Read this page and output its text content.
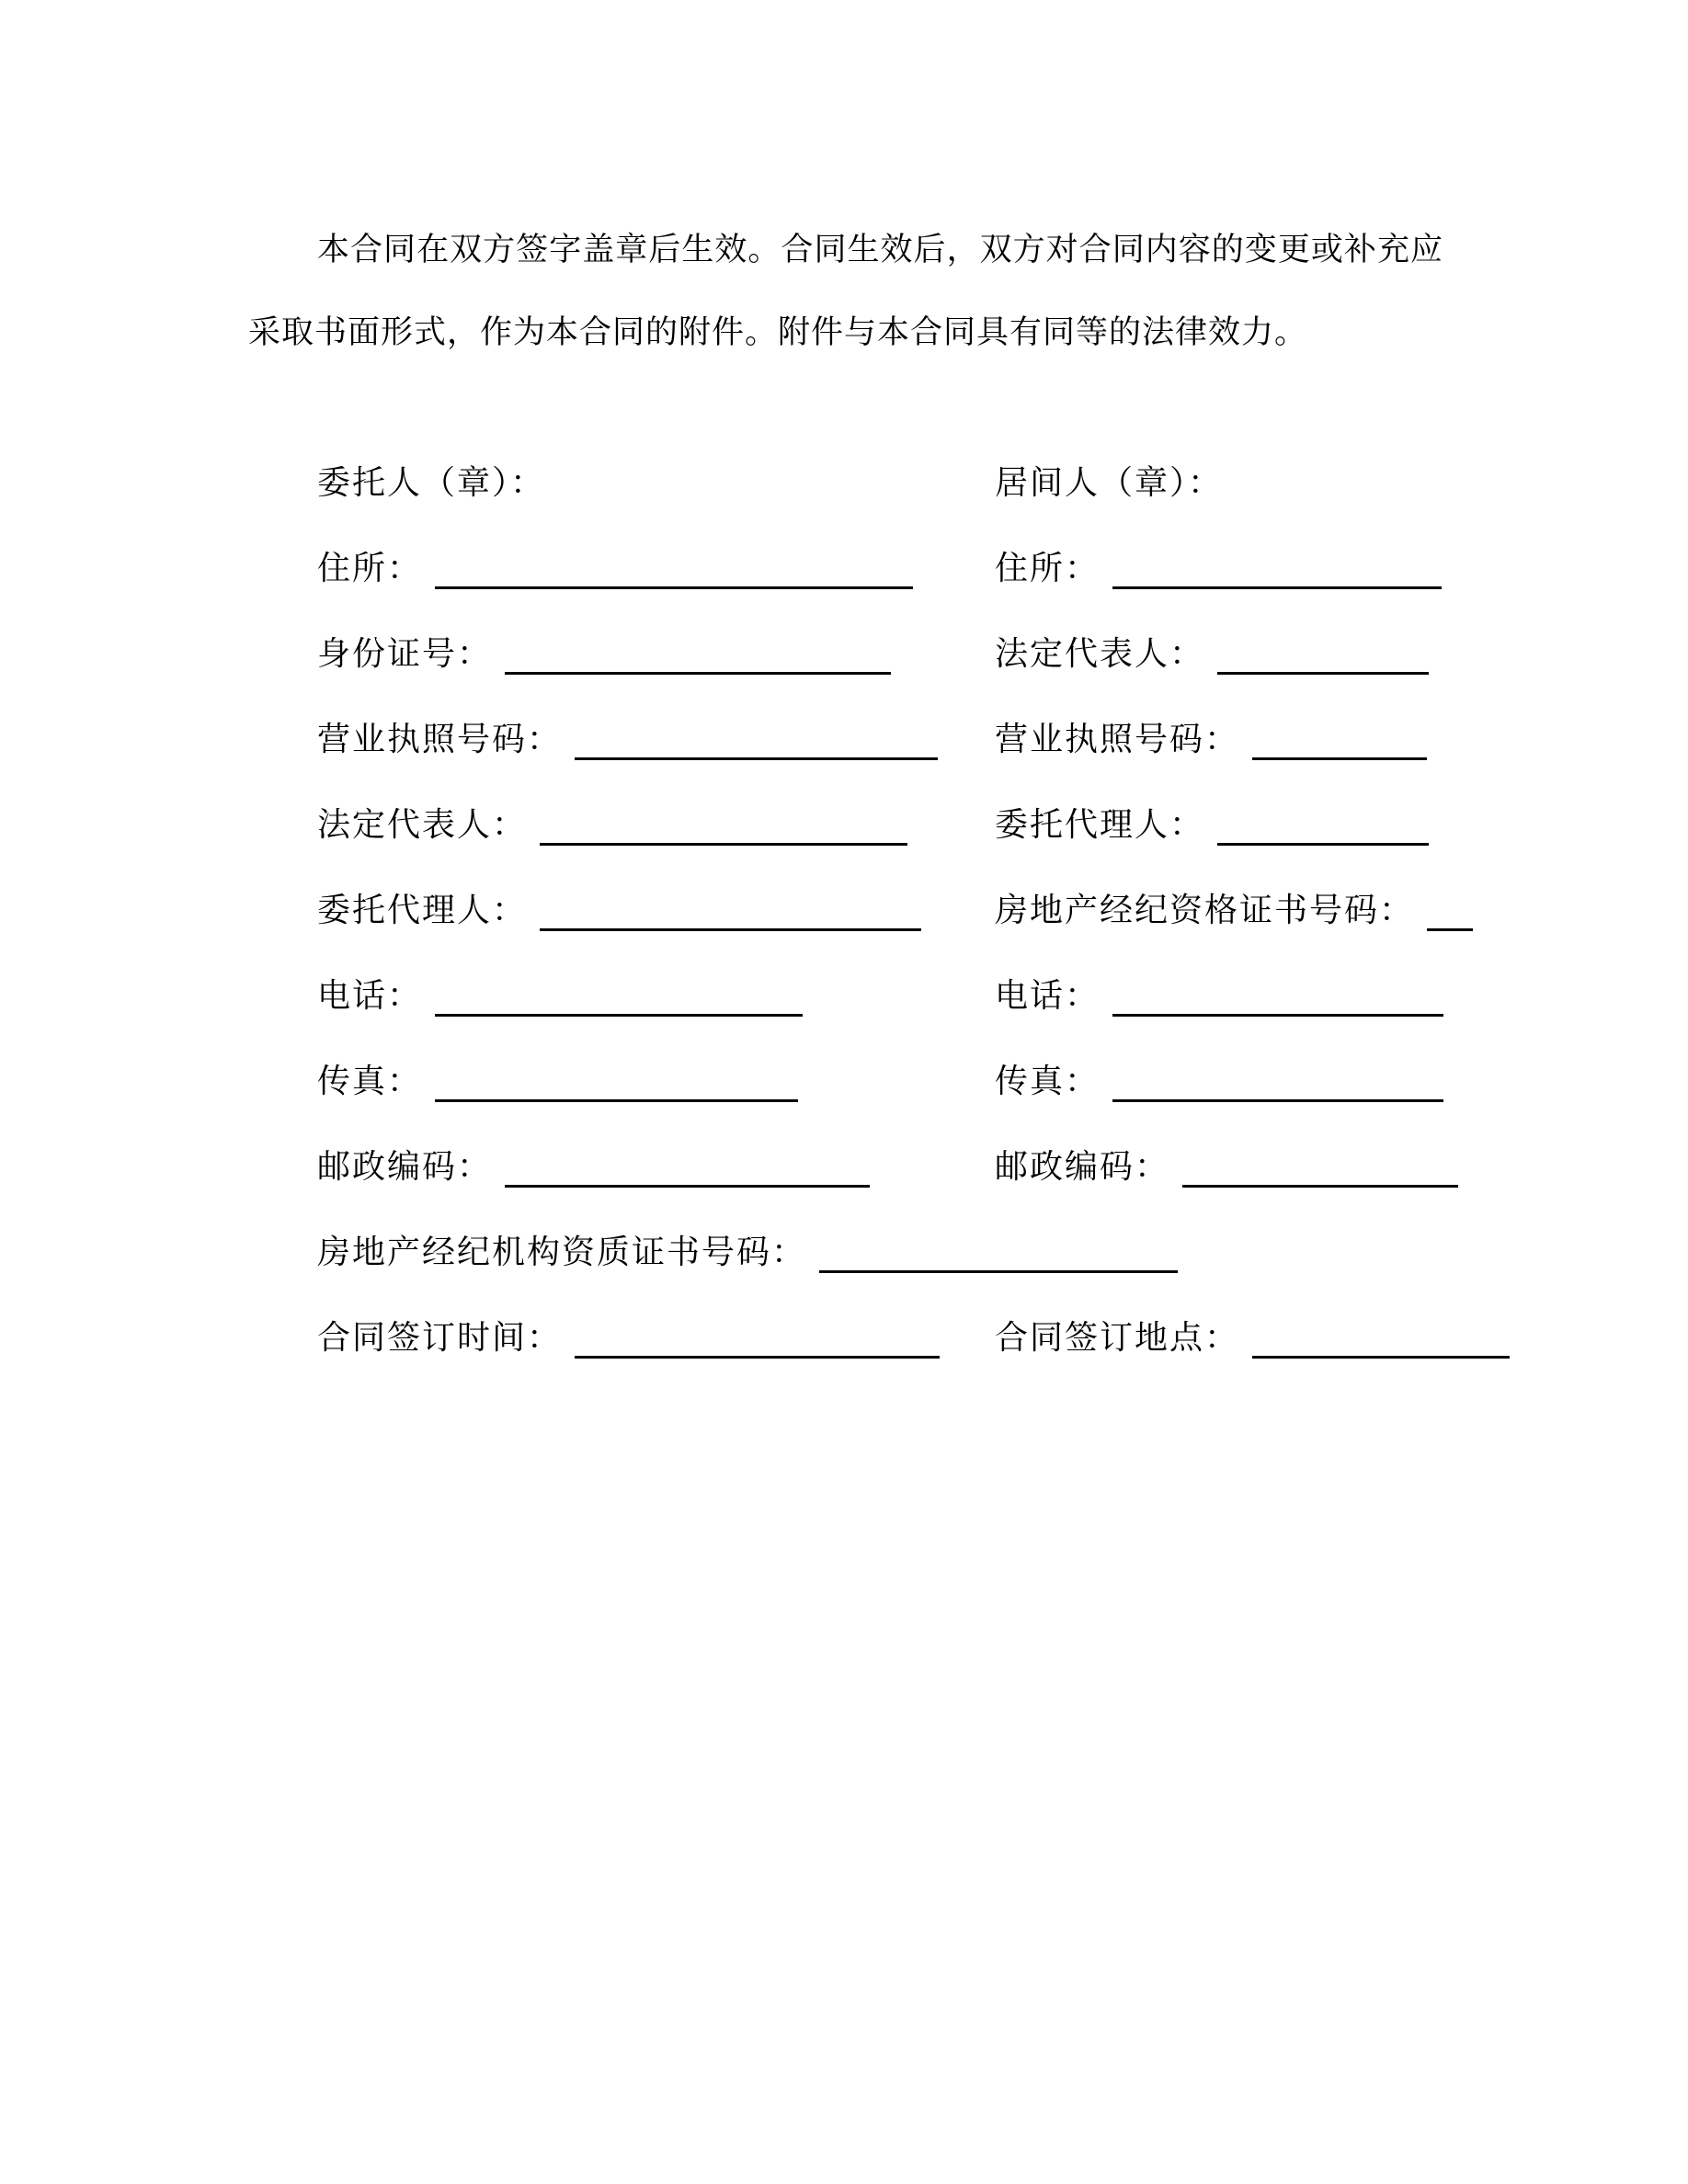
本合同在双方签字盖章后生效。合同生效后，双方对合同内容的变更或补充应采取书面形式，作为本合同的附件。附件与本合同具有同等的法律效力。

委托人（章）：	居间人（章）：
住所：	住所：
身份证号：	法定代表人：
营业执照号码：	营业执照号码：
法定代表人：	委托代理人：
委托代理人：	房地产经纪资格证书号码：
电话：	电话：
传真：	传真：
邮政编码：	邮政编码：
房地产经纪机构资质证书号码：
合同签订时间：	合同签订地点：
